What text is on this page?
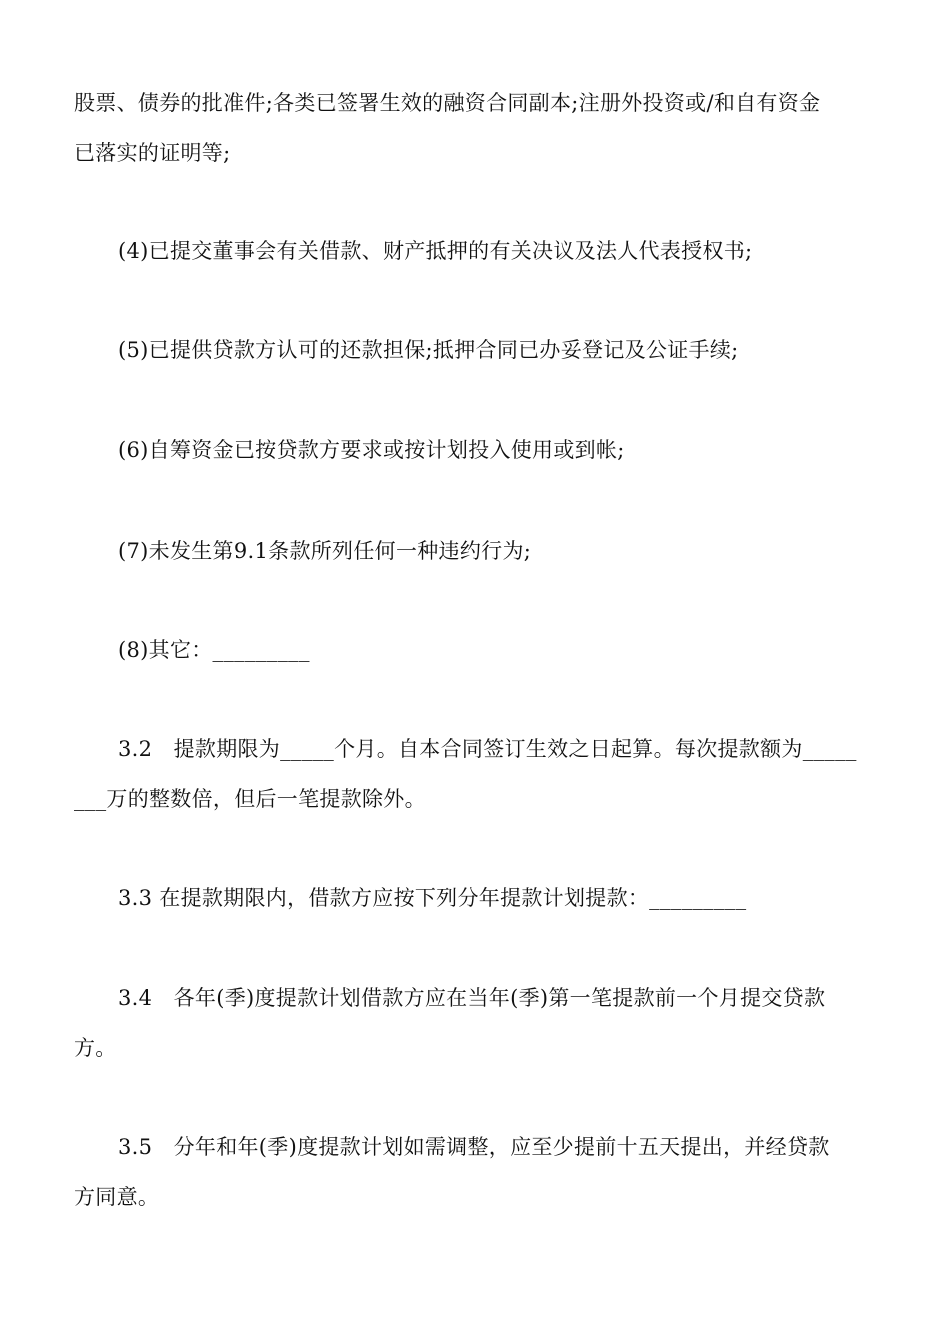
股票、债券的批准件;各类已签署生效的融资合同副本;注册外投资或/和自有资金
已落实的证明等;
(4)已提交董事会有关借款、财产抵押的有关决议及法人代表授权书;
(5)已提供贷款方认可的还款担保;抵押合同已办妥登记及公证手续;
(6)自筹资金已按贷款方要求或按计划投入使用或到帐;
(7)未发生第9.1条款所列任何一种违约行为;
(8)其它：_________
3.2　提款期限为_____个月。自本合同签订生效之日起算。每次提款额为_____
___万的整数倍，但后一笔提款除外。
3.3 在提款期限内，借款方应按下列分年提款计划提款：_________
3.4　各年(季)度提款计划借款方应在当年(季)第一笔提款前一个月提交贷款
方。
3.5　分年和年(季)度提款计划如需调整，应至少提前十五天提出，并经贷款
方同意。
